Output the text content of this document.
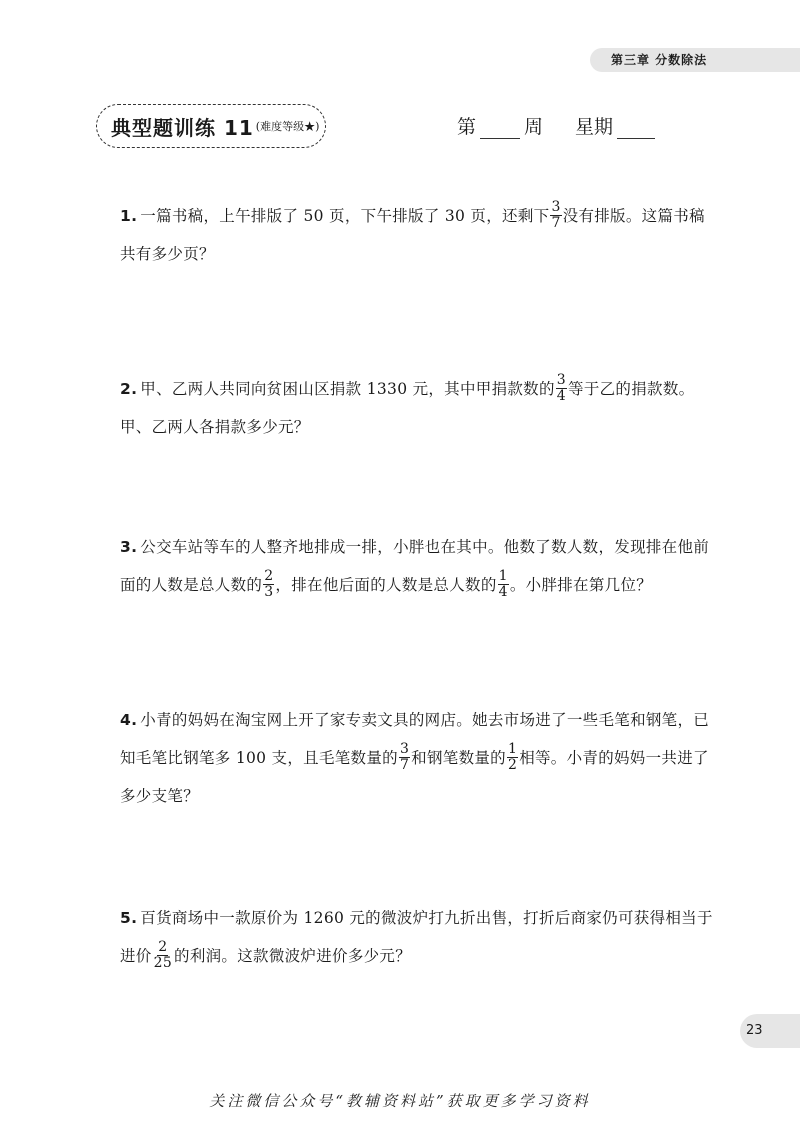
第三章 分数除法
典型题训练 11 (难度等级★)	第	周 星期
1. 一篇书稿，上午排版了 50 页，下午排版了 30 页，还剩下 $\frac{3}{7}$ 没有排版。这篇书稿共有多少页？
2. 甲、乙两人共同向贫困山区捐款 1330 元，其中甲捐款数的 $\frac{3}{4}$ 等于乙的捐款数。甲、乙两人各捐款多少元？
3. 公交车站等车的人整齐地排成一排，小胖也在其中。他数了数人数，发现排在他前面的人数是总人数的 $\frac{2}{3}$ ，排在他后面的人数是总人数的 $\frac{1}{4}$ 。小胖排在第几位？
4. 小青的妈妈在淘宝网上开了家专卖文具的网店。她去市场进了一些毛笔和钢笔，已知毛笔比钢笔多 100 支，且毛笔数量的 $\frac{3}{7}$ 和钢笔数量的 $\frac{1}{2}$ 相等。小青的妈妈一共进了多少支笔？
5. 百货商场中一款原价为 1260 元的微波炉打九折出售，打折后商家仍可获得相当于进价 $\frac{2}{25}$ 的利润。这款微波炉进价多少元？
23
关注微信公众号“教辅资料站”获取更多学习资料
